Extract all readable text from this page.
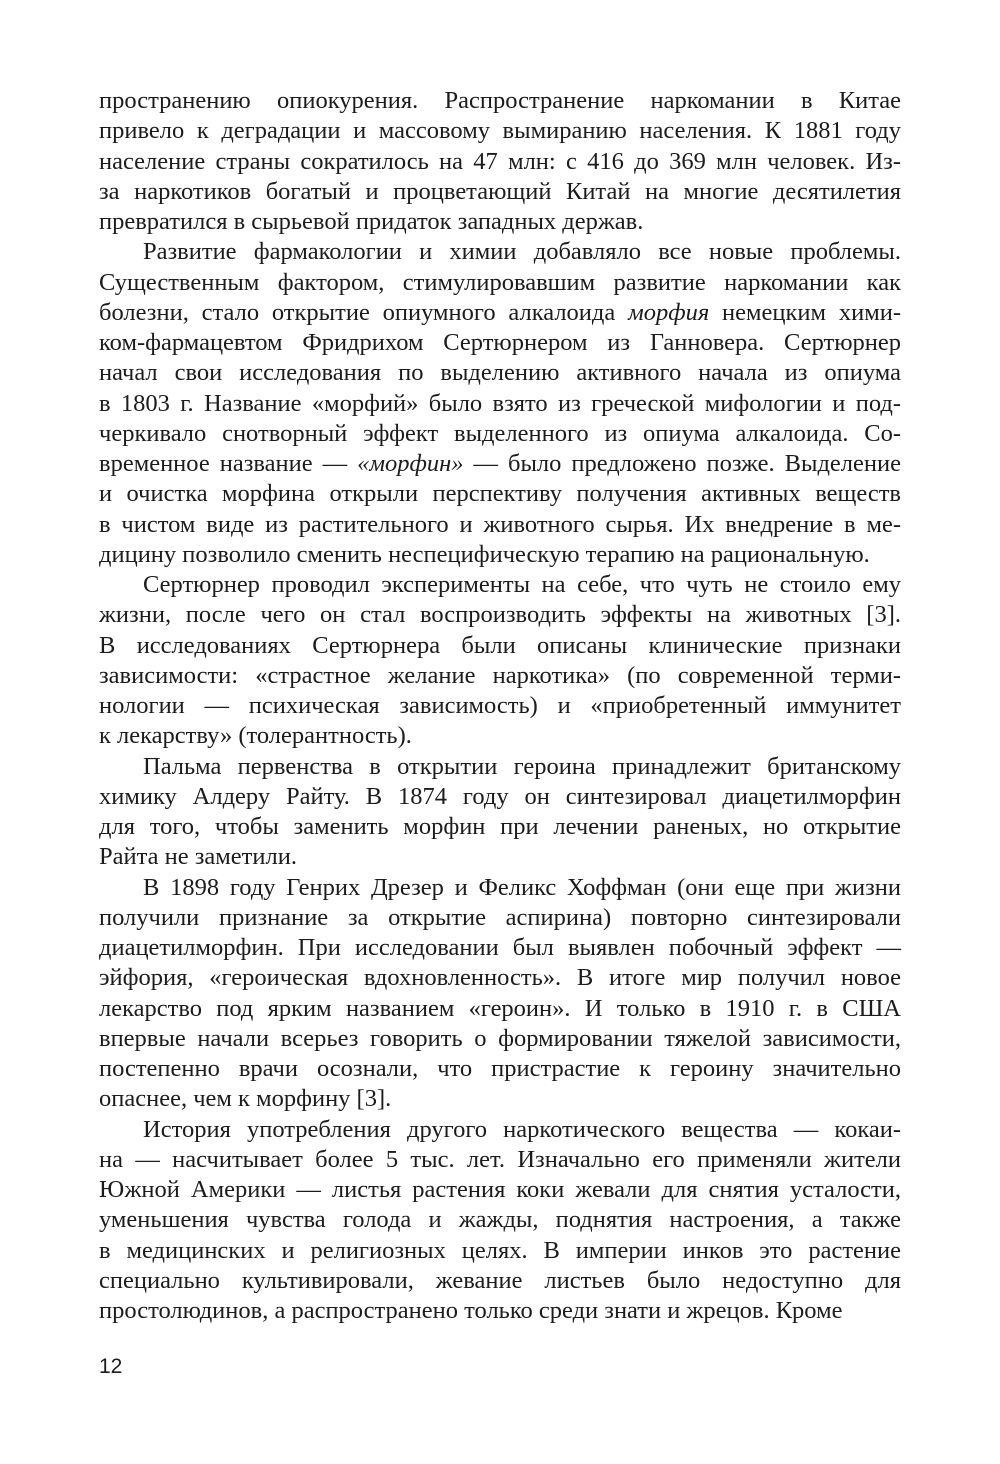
пространению опиокурения. Распространение наркомании в Китае
привело к деградации и массовому вымиранию населения. К 1881 году
население страны сократилось на 47 млн: с 416 до 369 млн человек. Из-
за наркотиков богатый и процветающий Китай на многие десятилетия
превратился в сырьевой придаток западных держав.
Развитие фармакологии и химии добавляло все новые проблемы.
Существенным фактором, стимулировавшим развитие наркомании как
болезни, стало открытие опиумного алкалоида морфия немецким хими-
ком-фармацевтом Фридрихом Сертюрнером из Ганновера. Сертюрнер
начал свои исследования по выделению активного начала из опиума
в 1803 г. Название «морфий» было взято из греческой мифологии и под-
черкивало снотворный эффект выделенного из опиума алкалоида. Со-
временное название — «морфин» — было предложено позже. Выделение
и очистка морфина открыли перспективу получения активных веществ
в чистом виде из растительного и животного сырья. Их внедрение в ме-
дицину позволило сменить неспецифическую терапию на рациональную.
Сертюрнер проводил эксперименты на себе, что чуть не стоило ему
жизни, после чего он стал воспроизводить эффекты на животных [3].
В исследованиях Сертюрнера были описаны клинические признаки
зависимости: «страстное желание наркотика» (по современной терми-
нологии — психическая зависимость) и «приобретенный иммунитет
к лекарству» (толерантность).
Пальма первенства в открытии героина принадлежит британскому
химику Алдеру Райту. В 1874 году он синтезировал диацетилморфин
для того, чтобы заменить морфин при лечении раненых, но открытие
Райта не заметили.
В 1898 году Генрих Дрезер и Феликс Хоффман (они еще при жизни
получили признание за открытие аспирина) повторно синтезировали
диацетилморфин. При исследовании был выявлен побочный эффект —
эйфория, «героическая вдохновленность». В итоге мир получил новое
лекарство под ярким названием «героин». И только в 1910 г. в США
впервые начали всерьез говорить о формировании тяжелой зависимости,
постепенно врачи осознали, что пристрастие к героину значительно
опаснее, чем к морфину [3].
История употребления другого наркотического вещества — кокаи-
на — насчитывает более 5 тыс. лет. Изначально его применяли жители
Южной Америки — листья растения коки жевали для снятия усталости,
уменьшения чувства голода и жажды, поднятия настроения, а также
в медицинских и религиозных целях. В империи инков это растение
специально культивировали, жевание листьев было недоступно для
простолюдинов, а распространено только среди знати и жрецов. Кроме
12
